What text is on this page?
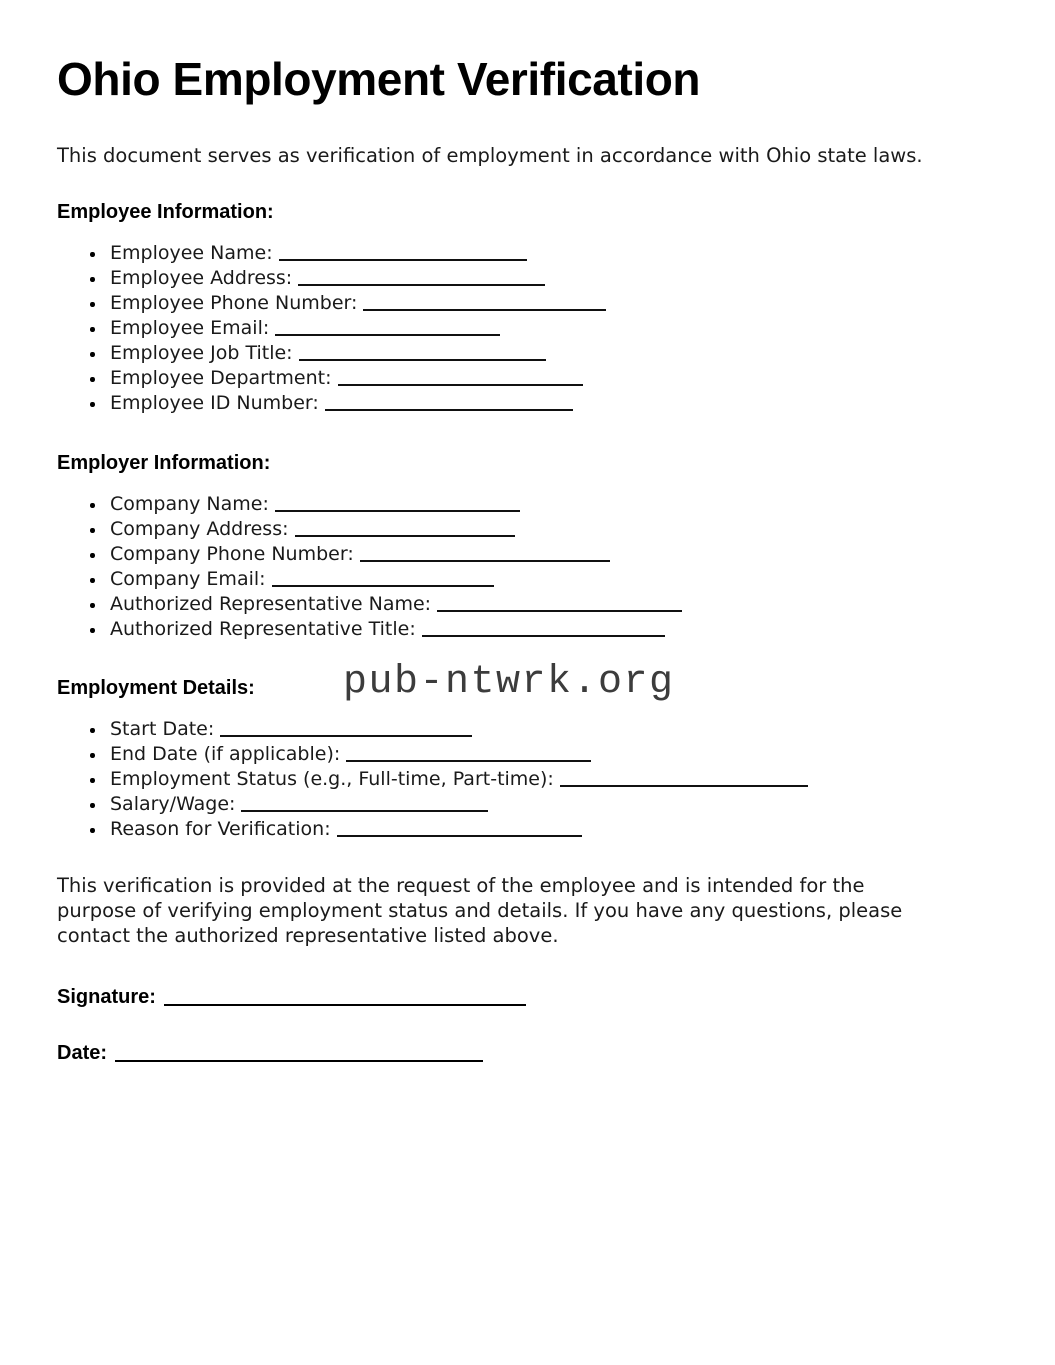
pub-ntwrk.org
Ohio Employment Verification

This document serves as verification of employment in accordance with Ohio state laws.

Employee Information:
Employee Name:
Employee Address:
Employee Phone Number:
Employee Email:
Employee Job Title:
Employee Department:
Employee ID Number:
Employer Information:
Company Name:
Company Address:
Company Phone Number:
Company Email:
Authorized Representative Name:
Authorized Representative Title:
Employment Details:
Start Date:
End Date (if applicable):
Employment Status (e.g., Full-time, Part-time):
Salary/Wage:
Reason for Verification:

This verification is provided at the request of the employee and is intended for the purpose of verifying employment status and details. If you have any questions, please contact the authorized representative listed above.

Signature:
Date:
